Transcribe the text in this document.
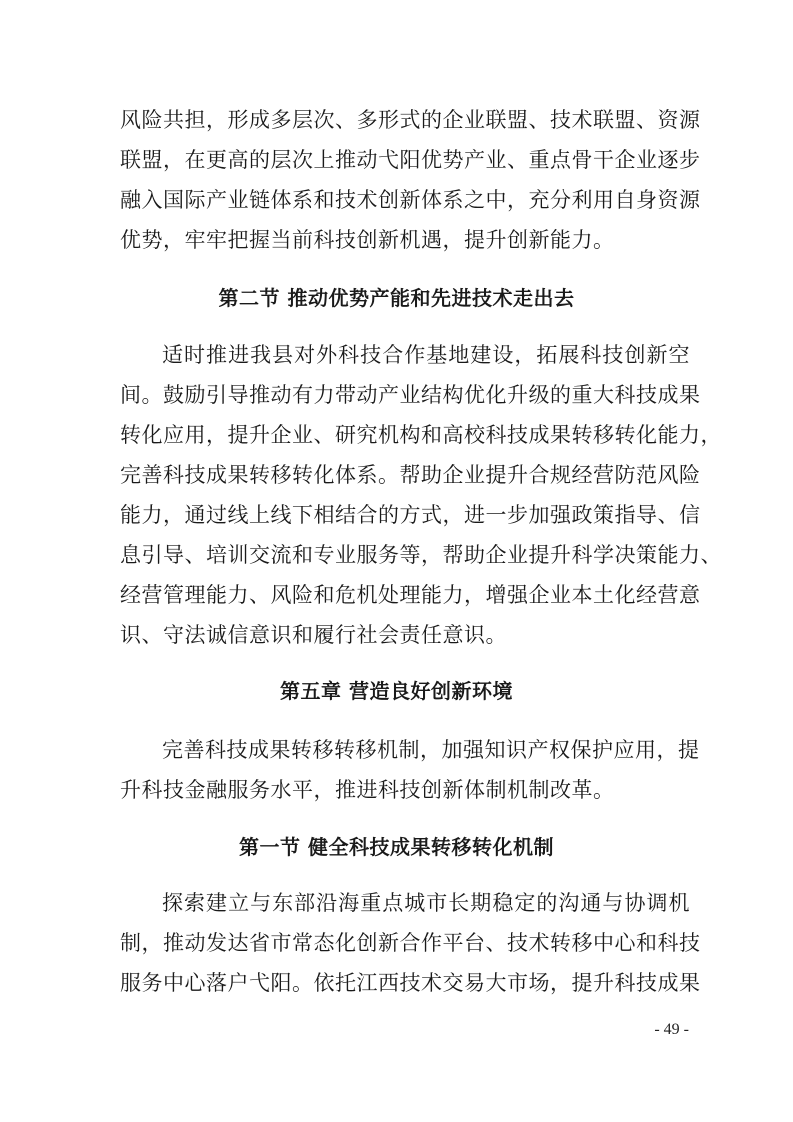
风险共担，形成多层次、多形式的企业联盟、技术联盟、资源
联盟，在更高的层次上推动弋阳优势产业、重点骨干企业逐步
融入国际产业链体系和技术创新体系之中，充分利用自身资源
优势，牢牢把握当前科技创新机遇，提升创新能力。
第二节 推动优势产能和先进技术走出去
适时推进我县对外科技合作基地建设，拓展科技创新空
间。鼓励引导推动有力带动产业结构优化升级的重大科技成果
转化应用，提升企业、研究机构和高校科技成果转移转化能力，
完善科技成果转移转化体系。帮助企业提升合规经营防范风险
能力，通过线上线下相结合的方式，进一步加强政策指导、信
息引导、培训交流和专业服务等，帮助企业提升科学决策能力、
经营管理能力、风险和危机处理能力，增强企业本土化经营意
识、守法诚信意识和履行社会责任意识。
第五章 营造良好创新环境
完善科技成果转移转移机制，加强知识产权保护应用，提
升科技金融服务水平，推进科技创新体制机制改革。
第一节 健全科技成果转移转化机制
探索建立与东部沿海重点城市长期稳定的沟通与协调机
制，推动发达省市常态化创新合作平台、技术转移中心和科技
服务中心落户弋阳。依托江西技术交易大市场，提升科技成果
- 49 -
